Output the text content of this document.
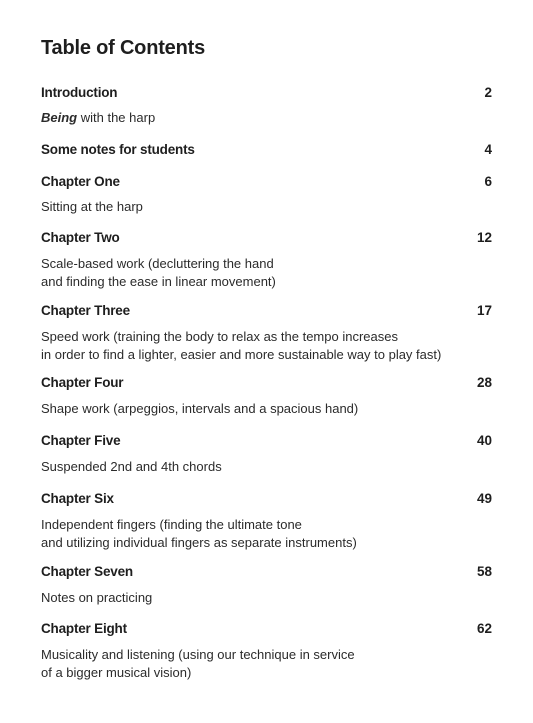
Table of Contents
Introduction	2
Being with the harp
Some notes for students	4
Chapter One	6
Sitting at the harp
Chapter Two	12
Scale-based work (decluttering the hand
and finding the ease in linear movement)
Chapter Three	17
Speed work (training the body to relax as the tempo increases
in order to find a lighter, easier and more sustainable way to play fast)
Chapter Four	28
Shape work (arpeggios, intervals and a spacious hand)
Chapter Five	40
Suspended 2nd and 4th chords
Chapter Six	49
Independent fingers (finding the ultimate tone
and utilizing individual fingers as separate instruments)
Chapter Seven	58
Notes on practicing
Chapter Eight	62
Musicality and listening (using our technique in service
of a bigger musical vision)
